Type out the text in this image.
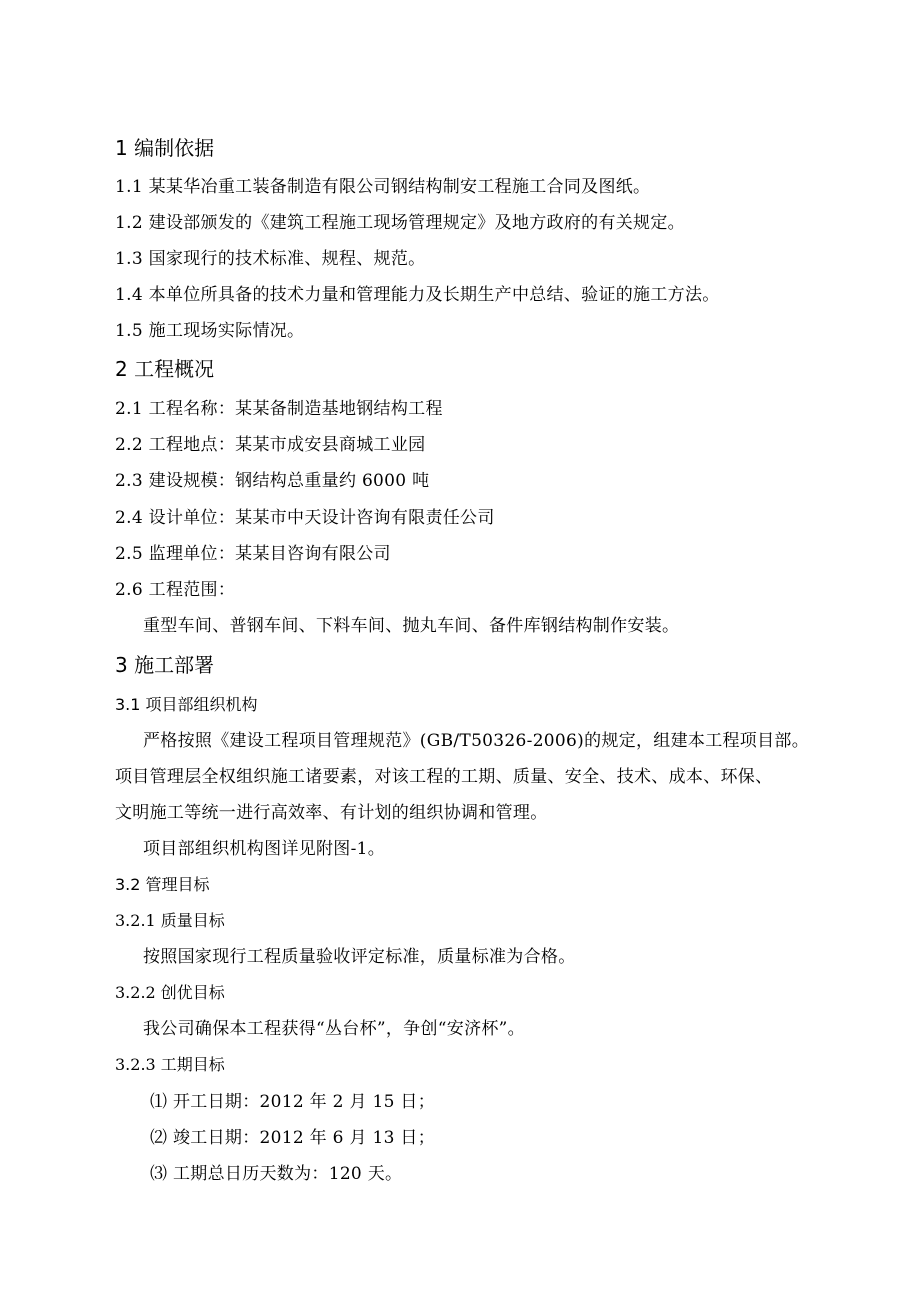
1 编制依据
1.1 某某华冶重工装备制造有限公司钢结构制安工程施工合同及图纸。
1.2 建设部颁发的《建筑工程施工现场管理规定》及地方政府的有关规定。
1.3 国家现行的技术标准、规程、规范。
1.4 本单位所具备的技术力量和管理能力及长期生产中总结、验证的施工方法。
1.5 施工现场实际情况。
2 工程概况
2.1 工程名称：某某备制造基地钢结构工程
2.2 工程地点：某某市成安县商城工业园
2.3 建设规模：钢结构总重量约 6000 吨
2.4 设计单位：某某市中天设计咨询有限责任公司
2.5 监理单位：某某目咨询有限公司
2.6 工程范围：
重型车间、普钢车间、下料车间、抛丸车间、备件库钢结构制作安装。
3 施工部署
3.1 项目部组织机构
严格按照《建设工程项目管理规范》(GB/T50326-2006)的规定，组建本工程项目部。
项目管理层全权组织施工诸要素，对该工程的工期、质量、安全、技术、成本、环保、
文明施工等统一进行高效率、有计划的组织协调和管理。
项目部组织机构图详见附图-1。
3.2 管理目标
3.2.1 质量目标
按照国家现行工程质量验收评定标准，质量标准为合格。
3.2.2 创优目标
我公司确保本工程获得“丛台杯”，争创“安济杯”。
3.2.3 工期目标
⑴ 开工日期：2012 年 2 月 15 日；
⑵ 竣工日期：2012 年 6 月 13 日；
⑶ 工期总日历天数为：120 天。
